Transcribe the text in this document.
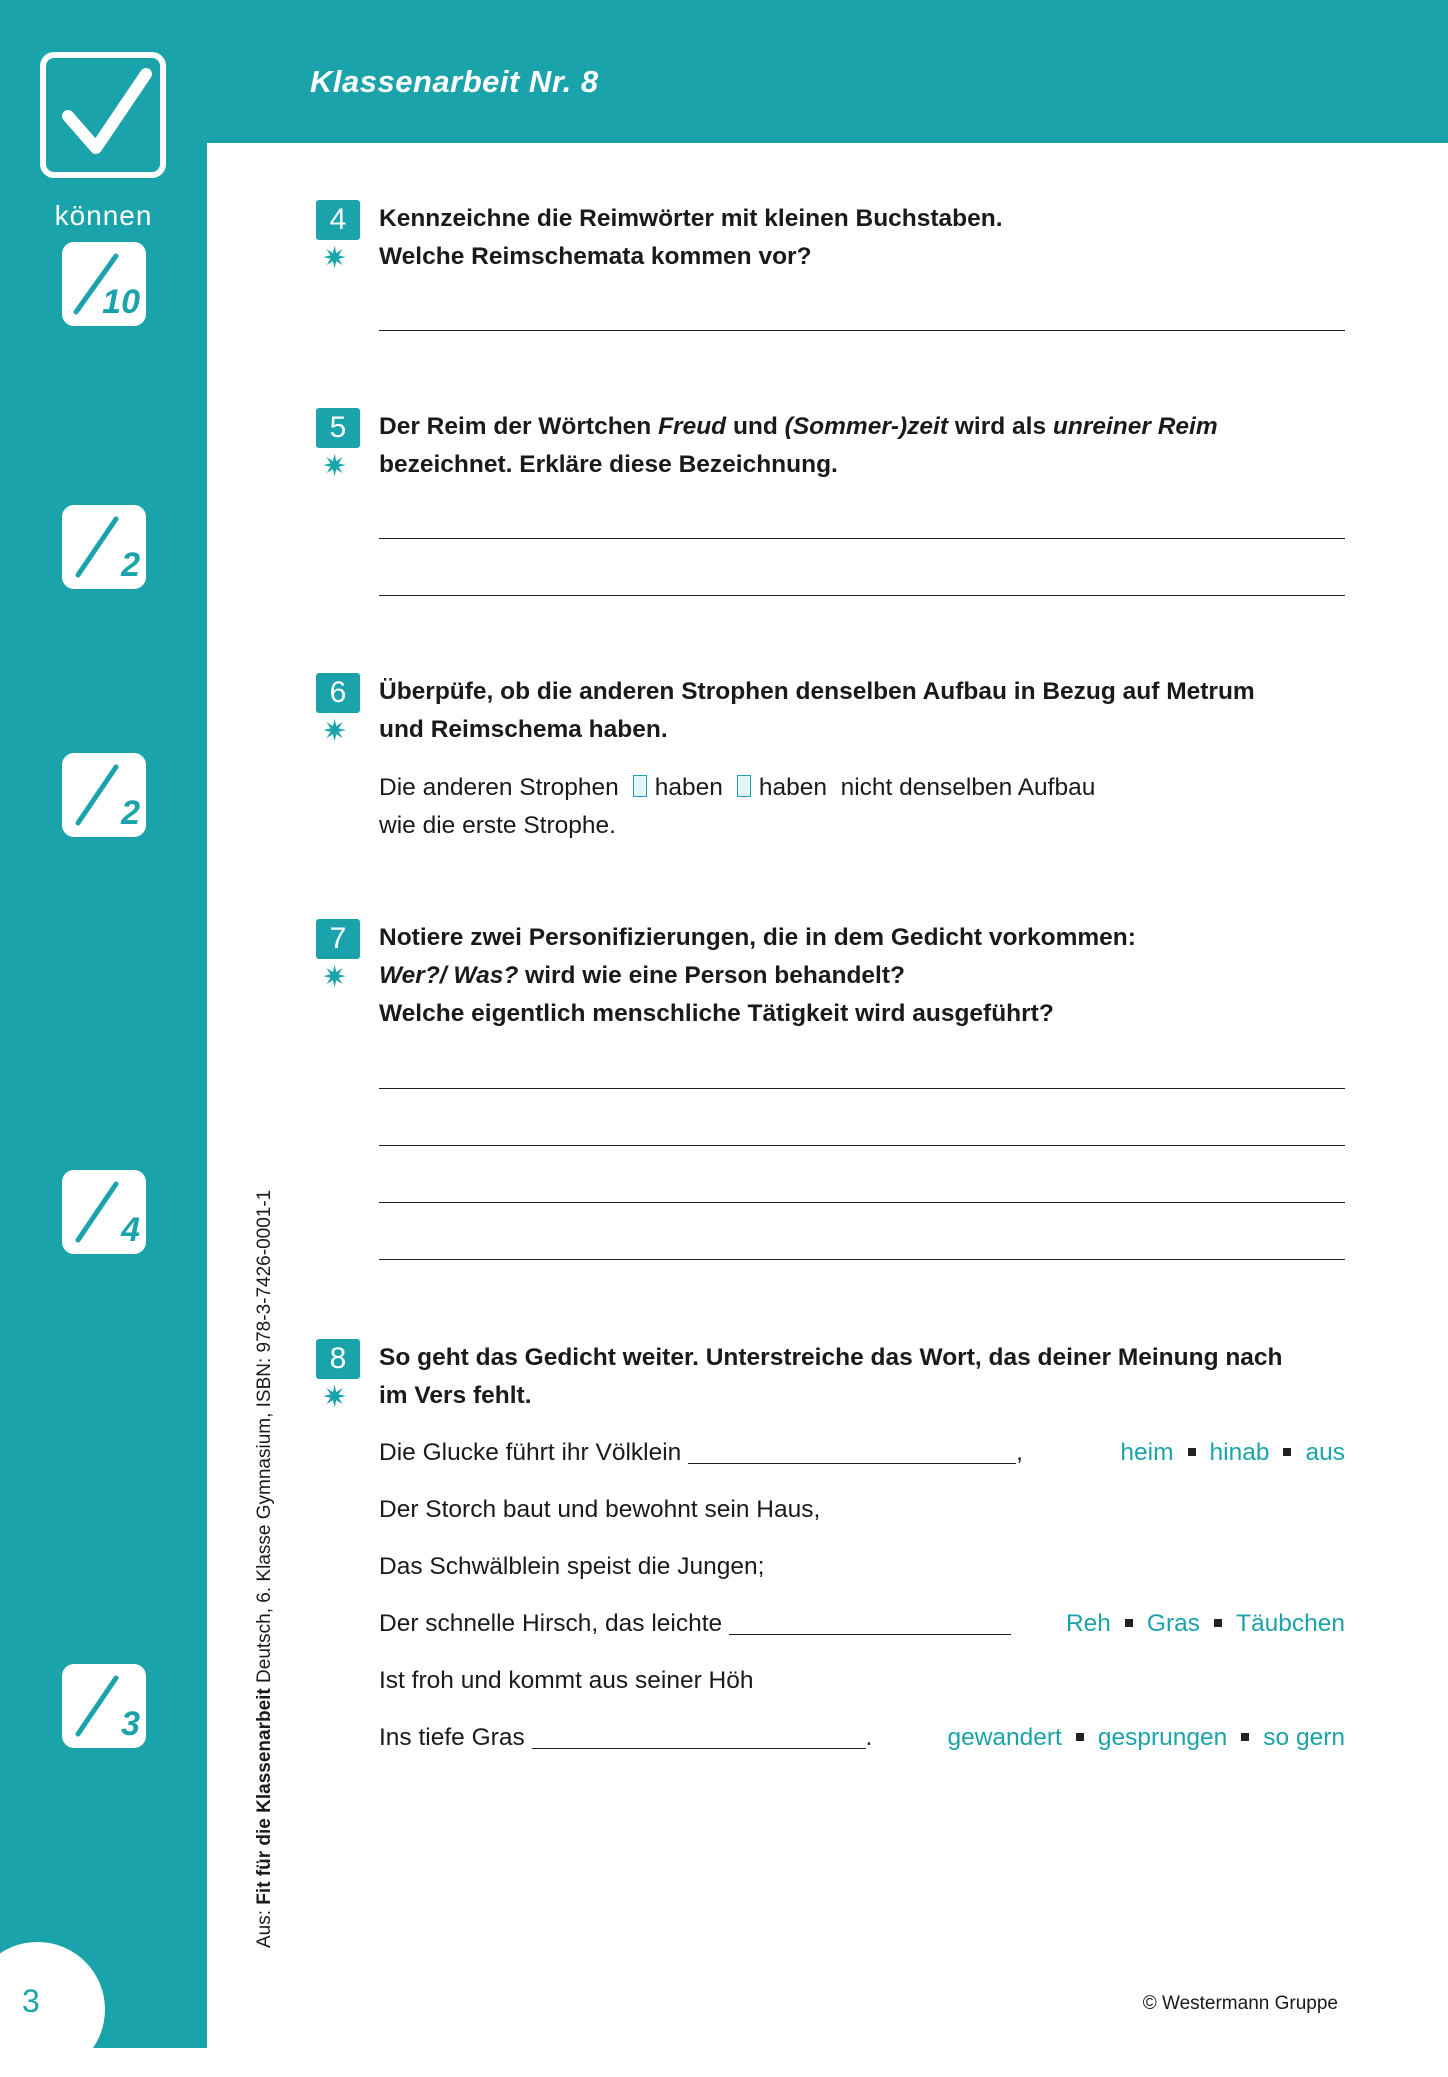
Klassenarbeit Nr. 8
können
10
2
2
4
3
3
Aus: Fit für die Klassenarbeit Deutsch, 6. Klasse Gymnasium, ISBN: 978-3-7426-0001-1
4
✷
Kennzeichne die Reimwörter mit kleinen Buchstaben.
Welche Reimschemata kommen vor?
5
✷
Der Reim der Wörtchen Freud und (Sommer-)zeit wird als unreiner Reim
bezeichnet. Erkläre diese Bezeichnung.
6
✷
Überpüfe, ob die anderen Strophen denselben Aufbau in Bezug auf Metrum
und Reimschema haben.
Die anderen Strophen haben haben  nicht denselben Aufbau
wie die erste Strophe.
7
✷
Notiere zwei Personifizierungen, die in dem Gedicht vorkommen:
Wer?/ Was? wird wie eine Person behandelt?
Welche eigentlich menschliche Tätigkeit wird ausgeführt?
8
✷
So geht das Gedicht weiter. Unterstreiche das Wort, das deiner Meinung nach
im Vers fehlt.
Die Glucke führt ihr Völklein	,	heim hinab aus
Der Storch baut und bewohnt sein Haus,
Das Schwälblein speist die Jungen;
Der schnelle Hirsch, das leichte	Reh Gras Täubchen
Ist froh und kommt aus seiner Höh
Ins tiefe Gras	.	gewandert gesprungen so gern
© Westermann Gruppe
